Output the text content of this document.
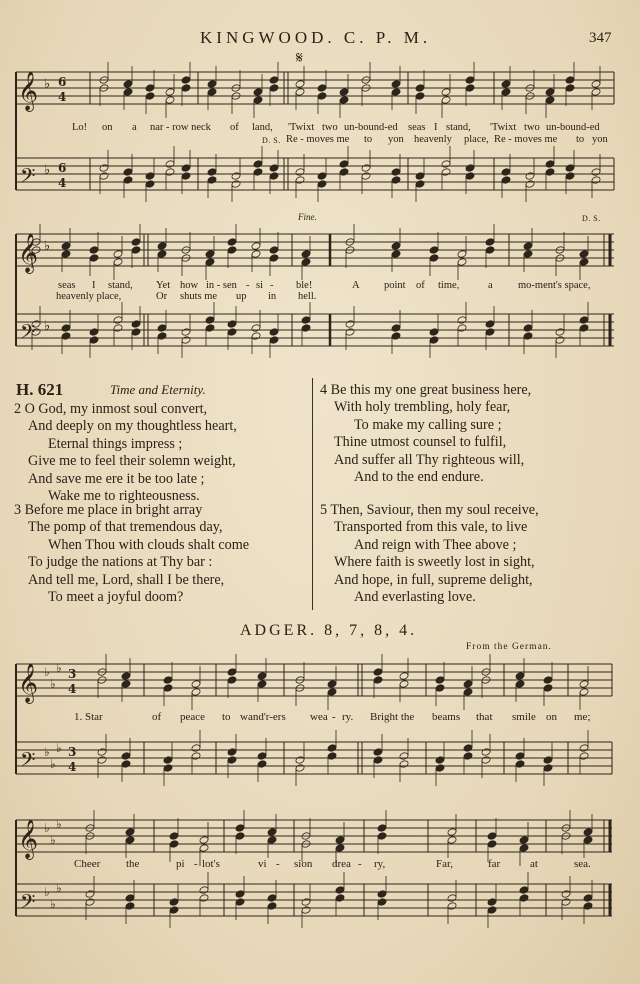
KINGWOOD. C. P. M.	347
𝄞
𝄢
♭ 6
4
♭ 6
4
𝄞
𝄢
♭
♭
𝄞
𝄢
♭
♭
♭ 3
4
♭
♭
♭ 3
4
𝄞
𝄢
♭
♭
♭
♭
♭
♭
𝄋
Lo! on a nar - row neck of land, 'Twixt two un-bound-ed seas I stand, 'Twixt two un-bound-ed
D. S. Re - moves me to yon heavenly place, Re - moves me to yon
Fine.	D. S.
seas I stand, Yet how in - sen - si - ble!	A point of time,	a mo-ment's space,
heavenly place,	Or shuts me up in hell.
H. 621	Time and Eternity.
2 O God, my inmost soul convert,
And deeply on my thoughtless heart,
Eternal things impress ;
Give me to feel their solemn weight,
And save me ere it be too late ;
Wake me to righteousness.
3 Before me place in bright array
The pomp of that tremendous day,
When Thou with clouds shalt come
To judge the nations at Thy bar :
And tell me, Lord, shall I be there,
To meet a joyful doom?
4 Be this my one great business here,
With holy trembling, holy fear,
To make my calling sure ;
Thine utmost counsel to fulfil,
And suffer all Thy righteous will,
And to the end endure.
5 Then, Saviour, then my soul receive,
Transported from this vale, to live
And reign with Thee above ;
Where faith is sweetly lost in sight,
And hope, in full, supreme delight,
And everlasting love.
ADGER. 8, 7, 8, 4.
From the German.
1. Star	of peace to wand'r-ers wea - ry. Bright the beams that smile on me;
Cheer the	pi - lot's	vi - sion drea - ry,	Far,	far	at	sea.
